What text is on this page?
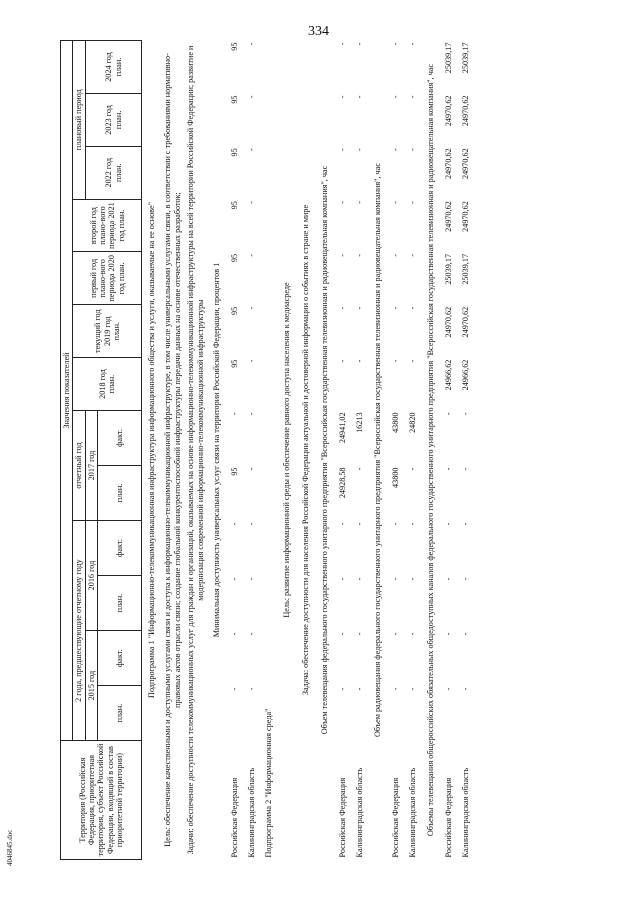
334
4046845.doc
Территория (Российская Федерация, приоритетная территория, субъект Российской Федерации, входящий в состав приоритетной территории)	Значения показателей												
	2 года, предшествующие отчетному году				отчетный год		2018 год план.	текущий год 2019 год план.	первый год плано-вого периода 2020 год план.	второй год плано-вого периода 2021 год план.	плановый период		
	2015 год		2016 год		2017 год						2022 год план.	2023 год план.	2024 год план.
	план.	факт.	план.	факт.	план.	факт.							
Подпрограмма 1 "Информационно-телекоммуникационная инфраструктура информационного общества и услуги, оказываемые на ее основе"													
Цель: обеспечение качественными и доступными услугами связи и доступа к информационно-телекоммуникационной инфраструктуре, в том числе универсальными услугами связи, в соответствии с требованиями нормативно-правовых актов отрасли связи; создание глобальной конкурентоспособной инфраструктуры передачи данных на основе отечественных разработок;													
Задачи: обеспечение доступности телекоммуникационных услуг для граждан и организаций, оказываемых на основе информационно-телекоммуникационной инфраструктуры на всей территории Российской Федерации; развитие и модернизация современной информационно-телекоммуникационной инфраструктуры													
Минимальная доступность универсальных услуг связи на территории Российской Федерации, процентов 1													
Российская Федерация	-	-	-	-	95	-	95	95	95	95	95	95	95
Калининградская область	-	-	-	-	-	-	-	-	-	-	-	-	-
Подпрограмма 2 "Информационная среда"													
Цель: развитие информационной среды и обеспечение равного доступа населения к медиасреде													
Задача: обеспечение доступности для населения Российской Федерации актуальной и достоверной информации о событиях в стране и мире													
Объем телевещания федерального государственного унитарного предприятия "Всероссийская государственная телевизионная и радиовещательная компания", час													
Российская Федерация	-	-	-	-	24928,58	24941,02	-	-	-	-	-	-	-
Калининградская область	-	-	-	-	-	16213	-	-	-	-	-	-	-
Объем радиовещания федерального государственного унитарного предприятия "Всероссийская государственная телевизионная и радиовещательная компания", час													
Российская Федерация	-	-	-	-	43800	43800	-	-	-	-	-	-	-
Калининградская область	-	-	-	-	-	24820	-	-	-	-	-	-	-
Объемы телевещания общероссийских обязательных общедоступных каналов федерального государственного унитарного предприятия "Всероссийская государственная телевизионная и радиовещательная компания", час													
Российская Федерация	-	-	-	-	-	-	24966,62	24970,62	25039,17	24970,62	24970,62	24970,62	25039,17
Калининградская область	-	-	-	-	-	-	24966,62	24970,62	25039,17	24970,62	24970,62	24970,62	25039,17
